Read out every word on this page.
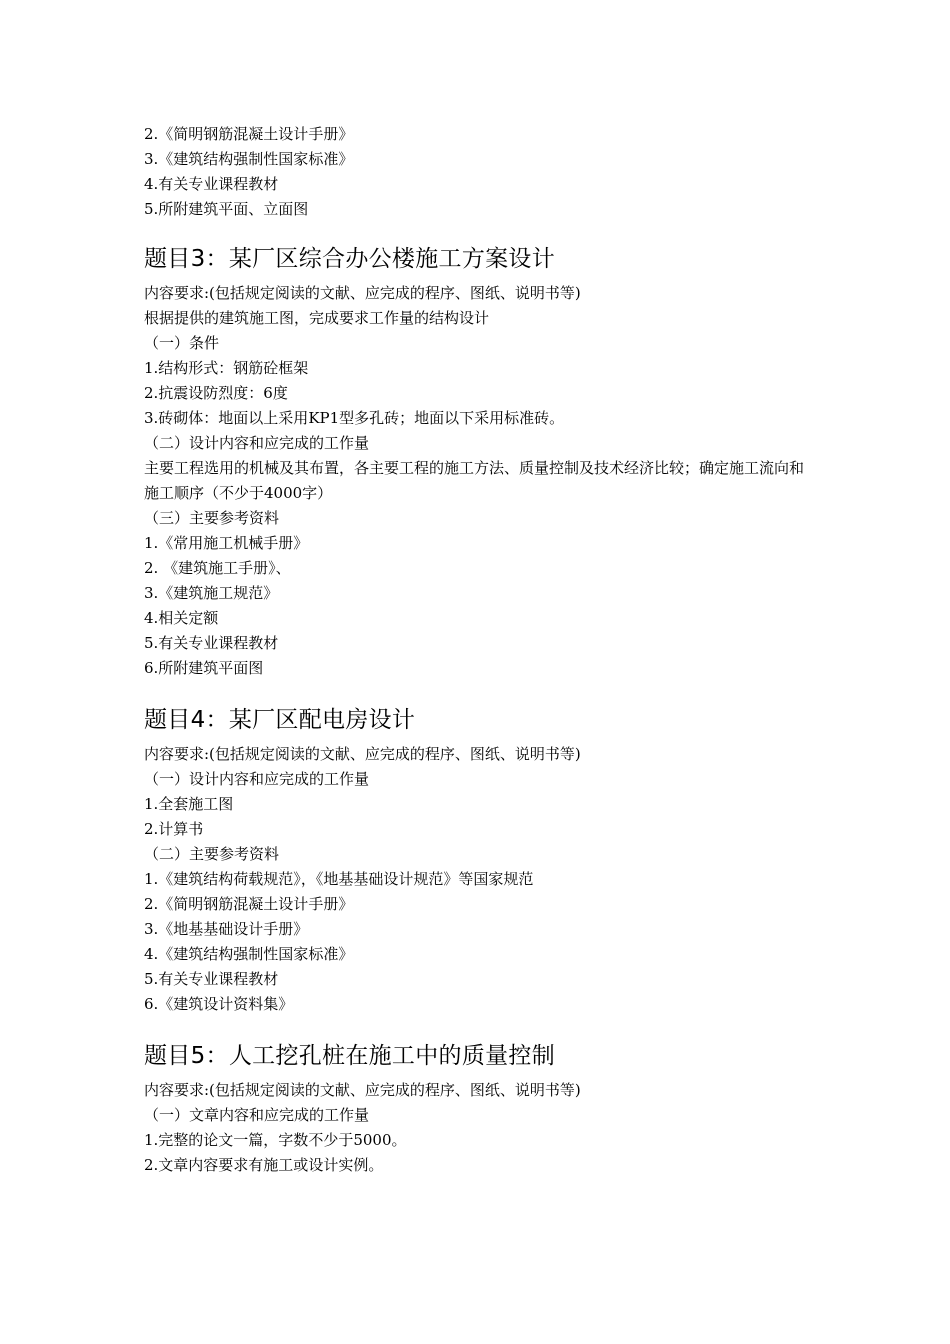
2.《简明钢筋混凝土设计手册》
3.《建筑结构强制性国家标准》
4.有关专业课程教材
5.所附建筑平面、立面图
题目3：某厂区综合办公楼施工方案设计
内容要求:(包括规定阅读的文献、应完成的程序、图纸、说明书等)
根据提供的建筑施工图，完成要求工作量的结构设计
（一）条件
1.结构形式：钢筋砼框架
2.抗震设防烈度：6度
3.砖砌体：地面以上采用KP1型多孔砖；地面以下采用标准砖。
（二）设计内容和应完成的工作量
主要工程选用的机械及其布置，各主要工程的施工方法、质量控制及技术经济比较；确定施工流向和施工顺序（不少于4000字）
（三）主要参考资料
1.《常用施工机械手册》
2. 《建筑施工手册》、
3.《建筑施工规范》
4.相关定额
5.有关专业课程教材
6.所附建筑平面图
题目4：某厂区配电房设计
内容要求:(包括规定阅读的文献、应完成的程序、图纸、说明书等)
（一）设计内容和应完成的工作量
1.全套施工图
2.计算书
（二）主要参考资料
1.《建筑结构荷载规范》，《地基基础设计规范》等国家规范
2.《简明钢筋混凝土设计手册》
3.《地基基础设计手册》
4.《建筑结构强制性国家标准》
5.有关专业课程教材
6.《建筑设计资料集》
题目5：人工挖孔桩在施工中的质量控制
内容要求:(包括规定阅读的文献、应完成的程序、图纸、说明书等)
（一）文章内容和应完成的工作量
1.完整的论文一篇，字数不少于5000。
2.文章内容要求有施工或设计实例。
